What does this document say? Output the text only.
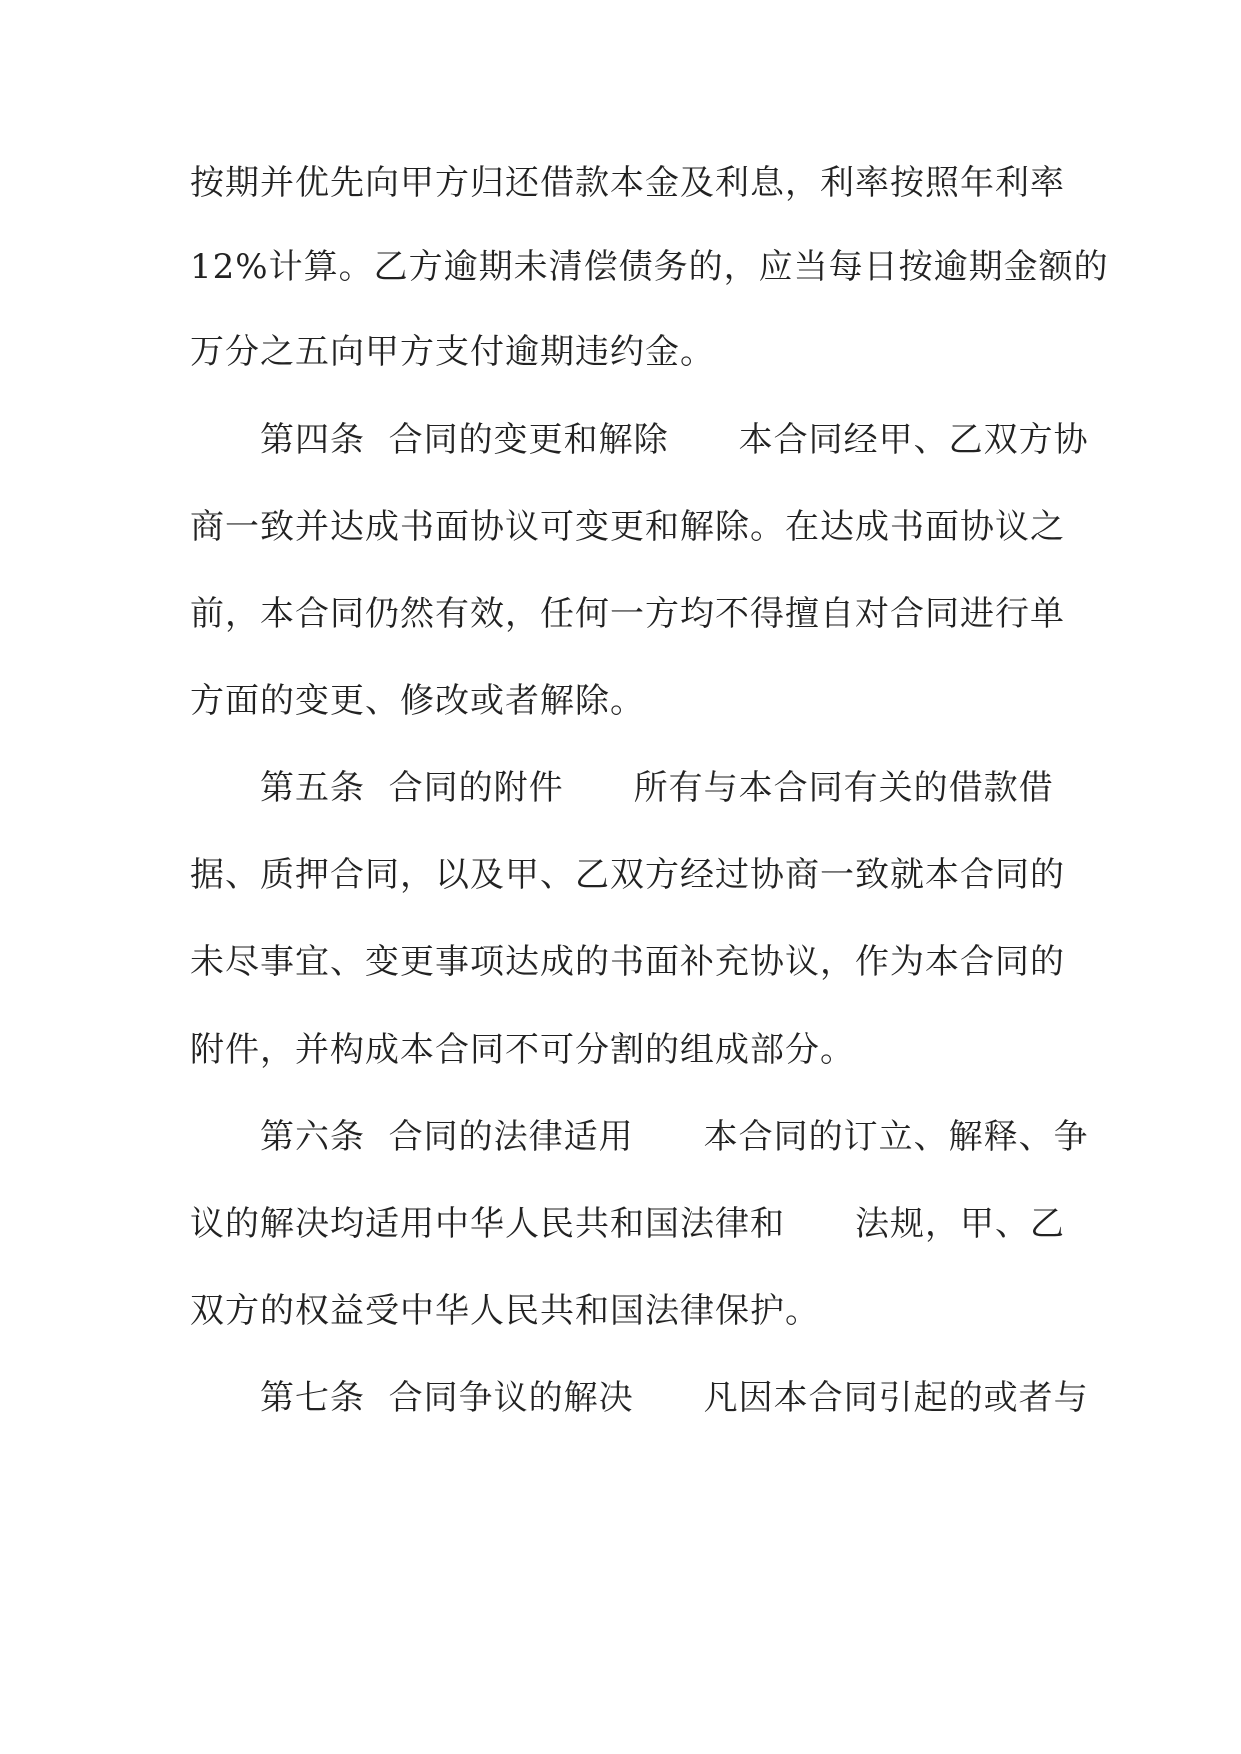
按期并优先向甲方归还借款本金及利息，利率按照年利率
12%计算。乙方逾期未清偿债务的，应当每日按逾期金额的
万分之五向甲方支付逾期违约金。
　　第四条  合同的变更和解除　　本合同经甲、乙双方协
商一致并达成书面协议可变更和解除。在达成书面协议之
前，本合同仍然有效，任何一方均不得擅自对合同进行单
方面的变更、修改或者解除。
　　第五条  合同的附件　　所有与本合同有关的借款借
据、质押合同，以及甲、乙双方经过协商一致就本合同的
未尽事宜、变更事项达成的书面补充协议，作为本合同的
附件，并构成本合同不可分割的组成部分。
　　第六条  合同的法律适用　　本合同的订立、解释、争
议的解决均适用中华人民共和国法律和　　法规，甲、乙
双方的权益受中华人民共和国法律保护。
　　第七条  合同争议的解决　　凡因本合同引起的或者与
